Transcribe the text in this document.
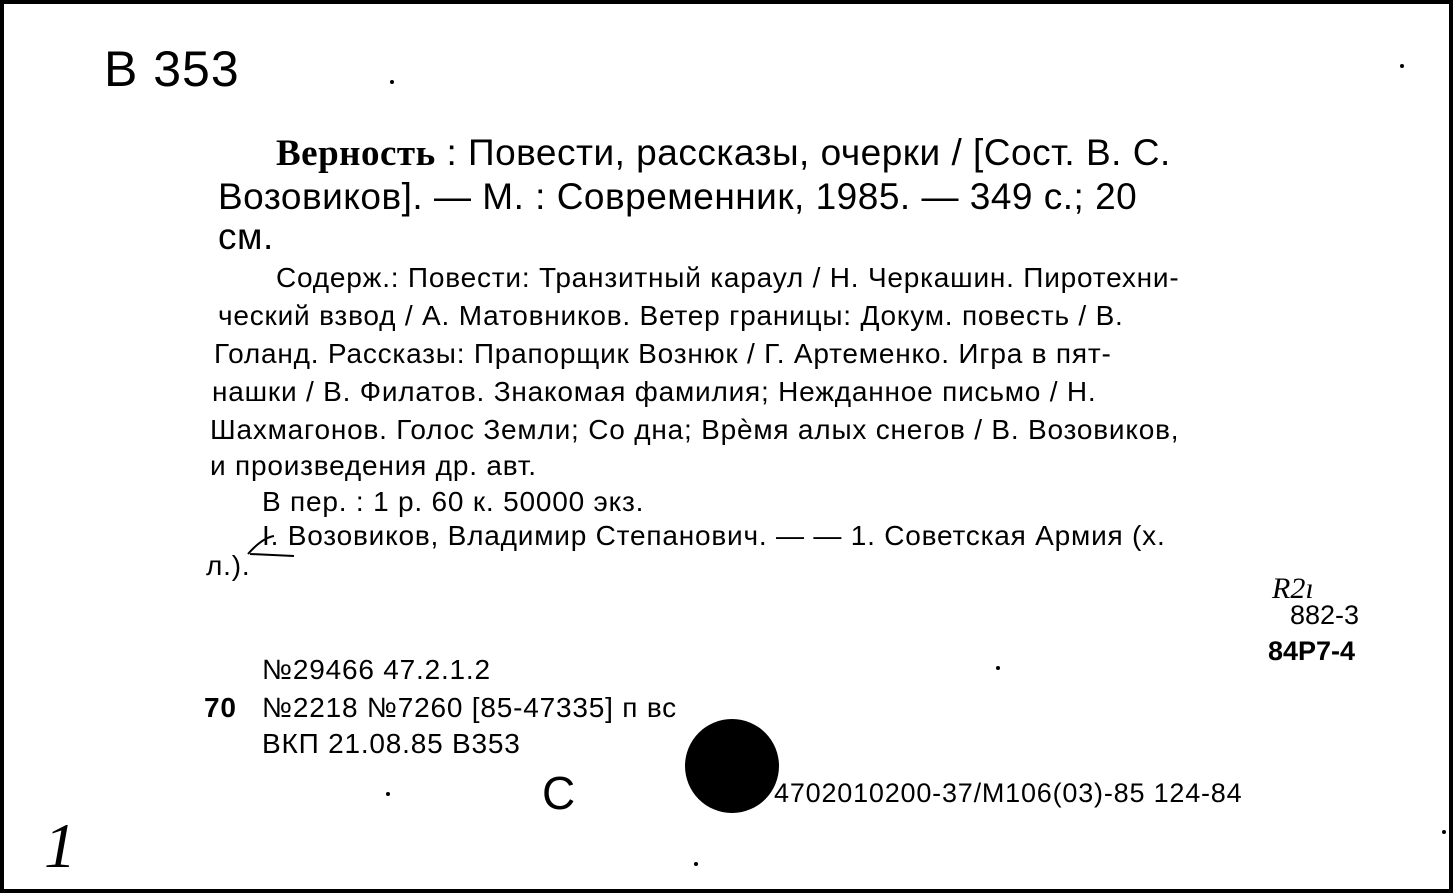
В 353
Верность : Повести, рассказы, очерки / [Сост. В. С.
Возовиков]. — М. : Современник, 1985. — 349 с.; 20
см.
Содерж.: Повести: Транзитный караул / Н. Черкашин. Пиротехни-
ческий взвод / А. Матовников. Ветер границы: Докум. повесть / В.
Голанд. Рассказы: Прапорщик Вознюк / Г. Артеменко. Игра в пят-
нашки / В. Филатов. Знакомая фамилия; Нежданное письмо / Н.
Шахмагонов. Голос Земли; Со дна; Врѐмя алых снегов / В. Возовиков,
и произведения др. авт.
В пер. : 1 р. 60 к. 50000 экз.
I. Возовиков, Владимир Степанович. — — 1. Советская Армия (х.
л.).
R2ı
882-3
84Р7-4
№29466 47.2.1.2
70 №2218 №7260 [85-47335] п вс
ВКП 21.08.85 В353
С	4702010200-37/М106(03)-85 124-84
1
